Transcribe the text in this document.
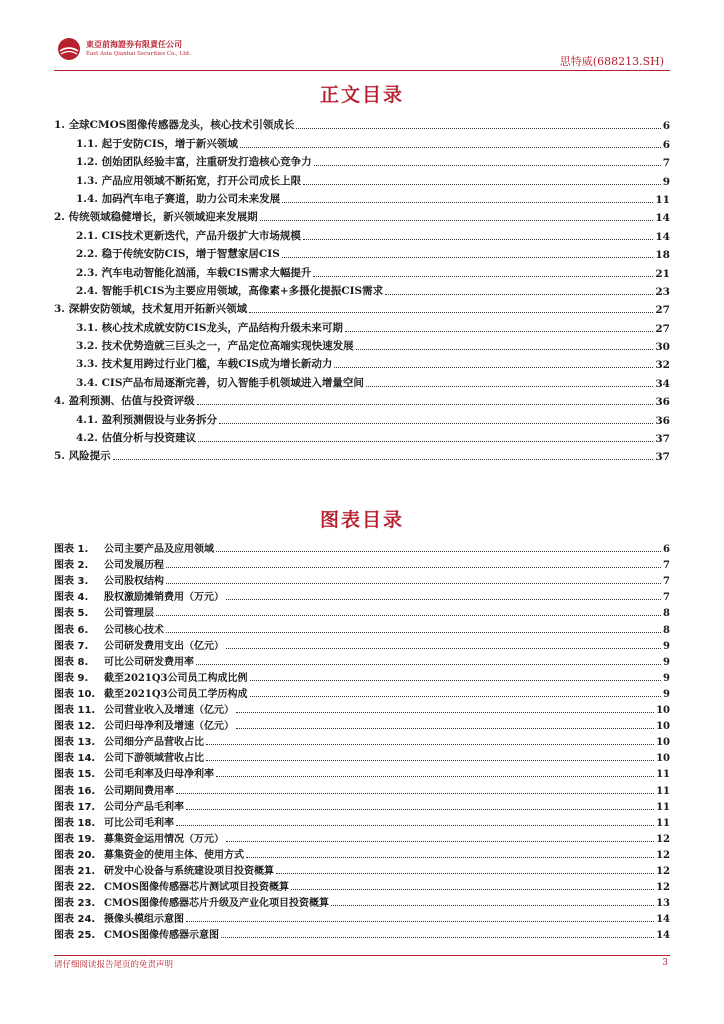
東亞前海證券有限責任公司
East Asia Qianhai Securities Co., Ltd.
思特威(688213.SH)
正文目录
1. 全球CMOS图像传感器龙头，核心技术引领成长	6
1.1. 起于安防CIS，增于新兴领域	6
1.2. 创始团队经验丰富，注重研发打造核心竞争力	7
1.3. 产品应用领域不断拓宽，打开公司成长上限	9
1.4. 加码汽车电子赛道，助力公司未来发展	11
2. 传统领域稳健增长，新兴领域迎来发展期	14
2.1. CIS技术更新迭代，产品升级扩大市场规模	14
2.2. 稳于传统安防CIS，增于智慧家居CIS	18
2.3. 汽车电动智能化汹涌，车载CIS需求大幅提升	21
2.4. 智能手机CIS为主要应用领域，高像素+多摄化提振CIS需求	23
3. 深耕安防领域，技术复用开拓新兴领域	27
3.1. 核心技术成就安防CIS龙头，产品结构升级未来可期	27
3.2. 技术优势造就三巨头之一，产品定位高端实现快速发展	30
3.3. 技术复用跨过行业门槛，车载CIS成为增长新动力	32
3.4. CIS产品布局逐渐完善，切入智能手机领域进入增量空间	34
4. 盈利预测、估值与投资评级	36
4.1. 盈利预测假设与业务拆分	36
4.2. 估值分析与投资建议	37
5. 风险提示	37
图表目录
图表 1. 公司主要产品及应用领域	6
图表 2. 公司发展历程	7
图表 3. 公司股权结构	7
图表 4. 股权激励摊销费用（万元）	7
图表 5. 公司管理层	8
图表 6. 公司核心技术	8
图表 7. 公司研发费用支出（亿元）	9
图表 8. 可比公司研发费用率	9
图表 9. 截至2021Q3公司员工构成比例	9
图表 10. 截至2021Q3公司员工学历构成	9
图表 11. 公司营业收入及增速（亿元）	10
图表 12. 公司归母净利及增速（亿元）	10
图表 13. 公司细分产品营收占比	10
图表 14. 公司下游领域营收占比	10
图表 15. 公司毛利率及归母净利率	11
图表 16. 公司期间费用率	11
图表 17. 公司分产品毛利率	11
图表 18. 可比公司毛利率	11
图表 19. 募集资金运用情况（万元）	12
图表 20. 募集资金的使用主体、使用方式	12
图表 21. 研发中心设备与系统建设项目投资概算	12
图表 22. CMOS图像传感器芯片测试项目投资概算	12
图表 23. CMOS图像传感器芯片升级及产业化项目投资概算	13
图表 24. 摄像头模组示意图	14
图表 25. CMOS图像传感器示意图	14
请仔细阅读报告尾页的免责声明	3
